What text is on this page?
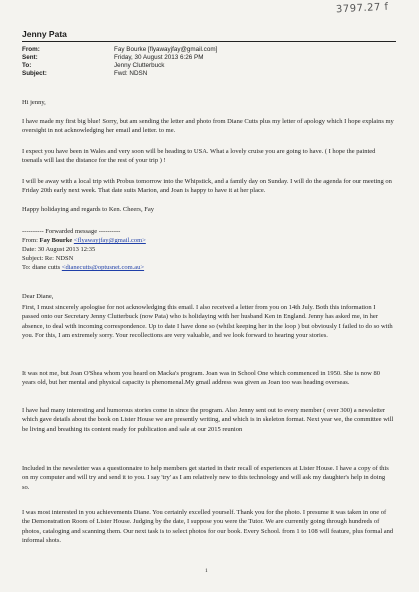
3797.27 f
Jenny Pata
From:	Fay Bourke [flyawayjfay@gmail.com]
Sent:	Friday, 30 August 2013 6:26 PM
To:	Jenny Clutterbuck
Subject:	Fwd: NDSN

Hi jenny,

I have made my first big blue! Sorry, but am sending the letter and photo from Diane Cutts plus my letter of apology which I hope explains my oversight in not acknowledging her email and letter. to me.

I expect you have been in Wales and very soon will be heading to USA. What a lovely cruise you are going to have. ( I hope the painted toenails will last the distance for the rest of your trip ) !

I will be away with a local trip with Probus tomorrow into the Whipstick, and a family day on Sunday. I will do the agenda for our meeting on Friday 20th early next week. That date suits Marion, and Joan is happy to have it at her place.

Happy holidaying and regards to Ken. Cheers, Fay

---------- Forwarded message ----------
From: Fay Bourke <flyawayjfay@gmail.com>
Date: 30 August 2013 12:35
Subject: Re: NDSN
To: diane cutts <dianecutts@optusnet.com.au>

Dear Diane,

First, I must sincerely apologise for not acknowledging this email. I also received a letter from you on 14th July. Both this information I passed onto our Secretary Jenny Clutterbuck (now Pata) who is holidaying with her husband Ken in England. Jenny has asked me, in her absence, to deal with incoming correspondence. Up to date I have done so (whilst keeping her in the loop ) but obviously I failed to do so with you. For this, I am extremely sorry. Your recollections are very valuable, and we look forward to hearing your stories.

It was not me, but Joan O'Shea whom you heard on Macka's program. Joan was in School One which commenced in 1950. She is now 80 years old, but her mental and physical capacity is phenomenal.My gmail address was given as Joan too was heading overseas.

I have had many interesting and humorous stories come in since the program. Also Jenny sent out to every member ( over 300) a newsletter which gave details about the book on Lister House we are presently writing, and which is in skeleton format. Next year we, the committee will be living and breathing its content ready for publication and sale at our 2015 reunion

Included in the newsletter was a questionnaire to help members get started in their recall of experiences at Lister House. I have a copy of this on my computer and will try and send it to you. I say 'try' as I am relatively new to this technology and will ask my daughter's help in doing so.

I was most interested in you achievements Diane. You certainly excelled yourself. Thank you for the photo. I presume it was taken in one of the Demonstration Room of Lister House. Judging by the date, I suppose you were the Tutor. We are currently going through hundreds of photos, cataloging and scanning them. Our next task is to select photos for our book. Every School. from 1 to 108 will feature, plus formal and informal shots.

1
